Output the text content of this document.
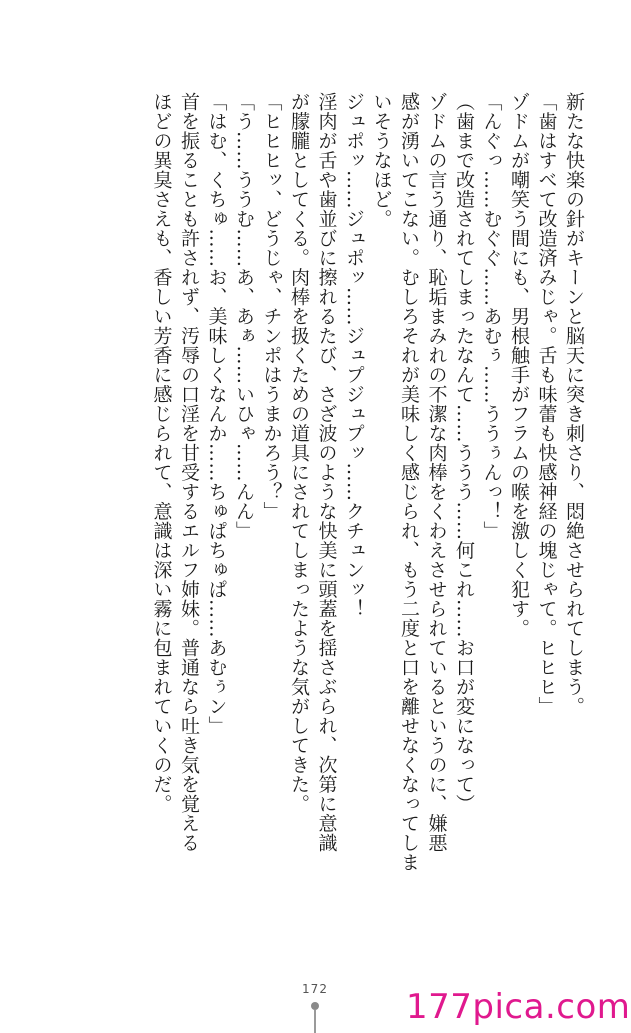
新たな快楽の針がキーンと脳天に突き刺さり、悶絶させられてしまう。
「歯はすべて改造済みじゃ。舌も味蕾も快感神経の塊じゃて。ヒヒヒ」
ゾドムが嘲笑う間にも、男根触手がフラムの喉を激しく犯す。
「んぐっ……むぐぐ……あむぅ……ううぅんっ！」
（歯まで改造されてしまったなんて……ううう……何これ……お口が変になって）
ゾドムの言う通り、恥垢まみれの不潔な肉棒をくわえさせられているというのに、嫌悪
感が湧いてこない。むしろそれが美味しく感じられ、もう二度と口を離せなくなってしま
いそうなほど。
ジュポッ……ジュポッ……ジュプジュプッ……クチュンッ！
淫肉が舌や歯並びに擦れるたび、さざ波のような快美に頭蓋を揺さぶられ、次第に意識
が朦朧としてくる。肉棒を扱くための道具にされてしまったような気がしてきた。
「ヒヒヒッ、どうじゃ、チンポはうまかろう？」
「う……ううむ……あ、あぁ……いひゃ……んん」
「はむ、くちゅ……お、美味しくなんか……ちゅぱちゅぱ……あむぅン」
首を振ることも許されず、汚辱の口淫を甘受するエルフ姉妹。普通なら吐き気を覚える
ほどの異臭さえも、香しい芳香に感じられて、意識は深い霧に包まれていくのだ。
172 177pica.com
